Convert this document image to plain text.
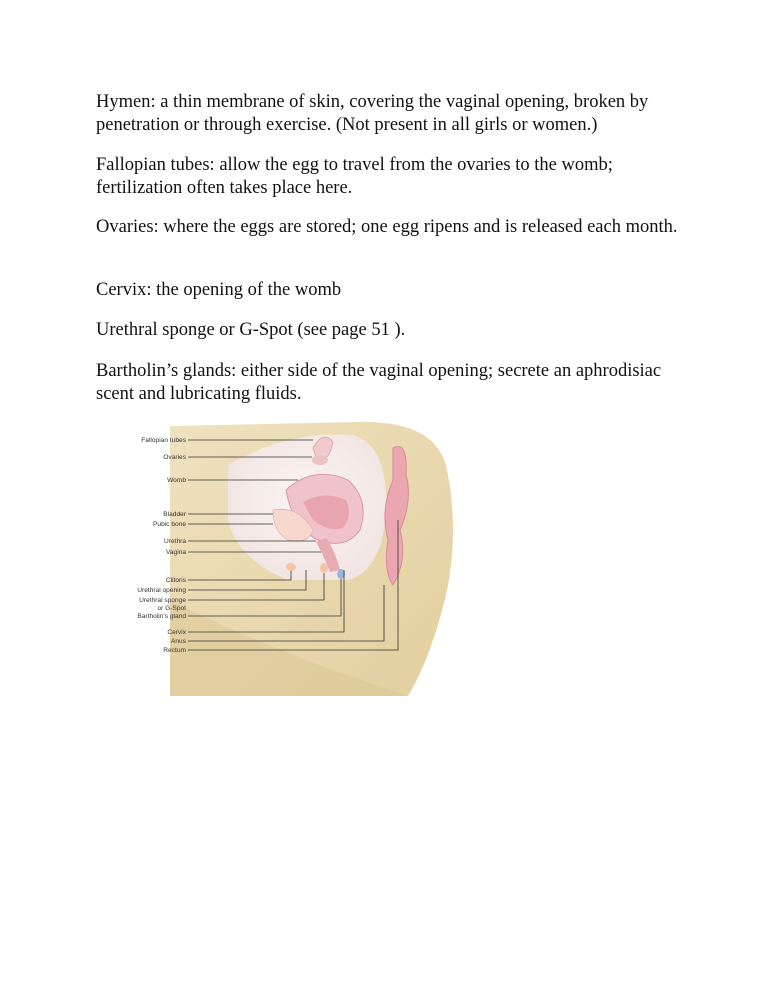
Hymen: a thin membrane of skin, covering the vaginal opening, broken by penetration or through exercise. (Not present in all girls or women.)

Fallopian tubes: allow the egg to travel from the ovaries to the womb; fertilization often takes place here.

Ovaries: where the eggs are stored; one egg ripens and is released each month.

Cervix: the opening of the womb

Urethral sponge or G-Spot (see page 51 ).

Bartholin’s glands: either side of the vaginal opening; secrete an aphrodisiac scent and lubricating fluids.

Fallopian tubes
Ovaries
Womb
Bladder
Pubic bone
Urethra
Vagina
Clitoris
Urethral opening
Urethral sponge
or G-Spot
Bartholin’s gland
Cervix
Anus
Rectum
